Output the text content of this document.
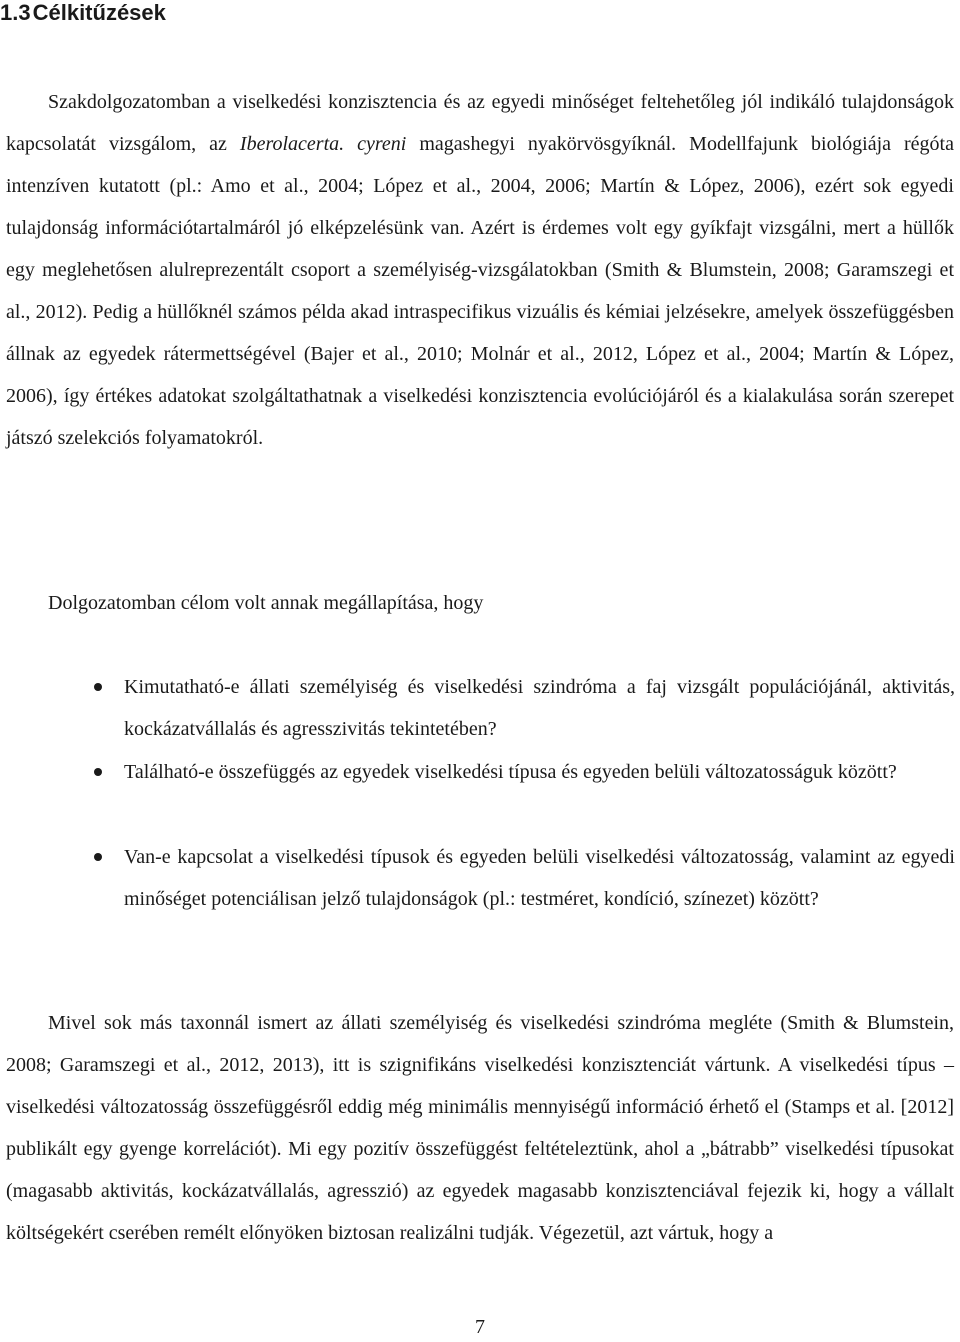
1.3Célkitűzések

Szakdolgozatomban a viselkedési konzisztencia és az egyedi minőséget feltehetőleg jól indikáló tulajdonságok kapcsolatát vizsgálom, az Iberolacerta. cyreni magashegyi nyakörvösgyíknál. Modellfajunk biológiája régóta intenzíven kutatott (pl.: Amo et al., 2004; López et al., 2004, 2006; Martín & López, 2006), ezért sok egyedi tulajdonság információtartalmáról jó elképzelésünk van. Azért is érdemes volt egy gyíkfajt vizsgálni, mert a hüllők egy meglehetősen alulreprezentált csoport a személyiség-vizsgálatokban (Smith & Blumstein, 2008; Garamszegi et al., 2012). Pedig a hüllőknél számos példa akad intraspecifikus vizuális és kémiai jelzésekre, amelyek összefüggésben állnak az egyedek rátermettségével (Bajer et al., 2010; Molnár et al., 2012, López et al., 2004; Martín & López, 2006), így értékes adatokat szolgáltathatnak a viselkedési konzisztencia evolúciójáról és a kialakulása során szerepet játszó szelekciós folyamatokról.

Dolgozatomban célom volt annak megállapítása, hogy

Kimutatható-e állati személyiség és viselkedési szindróma a faj vizsgált populációjánál, aktivitás, kockázatvállalás és agresszivitás tekintetében?
Található-e összefüggés az egyedek viselkedési típusa és egyeden belüli változatosságuk között?
Van-e kapcsolat a viselkedési típusok és egyeden belüli viselkedési változatosság, valamint az egyedi minőséget potenciálisan jelző tulajdonságok (pl.: testméret, kondíció, színezet) között?

Mivel sok más taxonnál ismert az állati személyiség és viselkedési szindróma megléte (Smith & Blumstein, 2008; Garamszegi et al., 2012, 2013), itt is szignifikáns viselkedési konzisztenciát vártunk. A viselkedési típus – viselkedési változatosság összefüggésről eddig még minimális mennyiségű információ érhető el (Stamps et al. [2012] publikált egy gyenge korrelációt). Mi egy pozitív összefüggést feltételeztünk, ahol a „bátrabb” viselkedési típusokat (magasabb aktivitás, kockázatvállalás, agresszió) az egyedek magasabb konzisztenciával fejezik ki, hogy a vállalt költségekért cserében remélt előnyöken biztosan realizálni tudják. Végezetül, azt vártuk, hogy a

7
